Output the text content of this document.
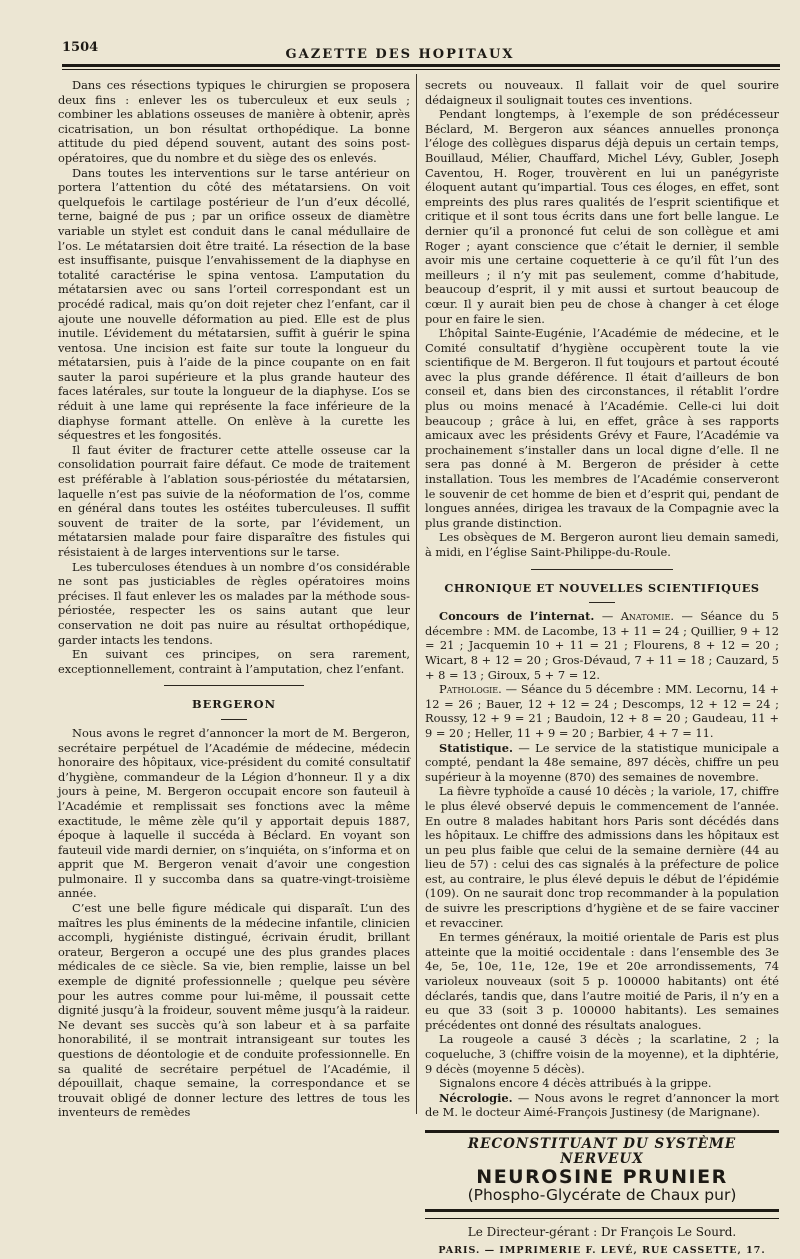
1504	GAZETTE DES HOPITAUX

Dans ces résections typiques le chirurgien se proposera deux fins : enlever les os tuberculeux et eux seuls ; combiner les ablations osseuses de manière à obtenir, après cicatrisation, un bon résultat orthopédique. La bonne attitude du pied dépend souvent, autant des soins post-opératoires, que du nombre et du siège des os enlevés.

Dans toutes les interventions sur le tarse antérieur on portera l’attention du côté des métatarsiens. On voit quelquefois le cartilage postérieur de l’un d’eux décollé, terne, baigné de pus ; par un orifice osseux de diamètre variable un stylet est conduit dans le canal médullaire de l’os. Le métatarsien doit être traité. La résection de la base est insuffisante, puisque l’envahissement de la diaphyse en totalité caractérise le spina ventosa. L’amputation du métatarsien avec ou sans l’orteil correspondant est un procédé radical, mais qu’on doit rejeter chez l’enfant, car il ajoute une nouvelle déformation au pied. Elle est de plus inutile. L’évidement du métatarsien, suffit à guérir le spina ventosa. Une incision est faite sur toute la longueur du métatarsien, puis à l’aide de la pince coupante on en fait sauter la paroi supérieure et la plus grande hauteur des faces latérales, sur toute la longueur de la diaphyse. L’os se réduit à une lame qui représente la face inférieure de la diaphyse formant attelle. On enlève à la curette les séquestres et les fongosités.

Il faut éviter de fracturer cette attelle osseuse car la consolidation pourrait faire défaut. Ce mode de traitement est préférable à l’ablation sous-périostée du métatarsien, laquelle n’est pas suivie de la néoformation de l’os, comme en général dans toutes les ostéites tuberculeuses. Il suffit souvent de traiter de la sorte, par l’évidement, un métatarsien malade pour faire disparaître des fistules qui résistaient à de larges interventions sur le tarse.

Les tuberculoses étendues à un nombre d’os considérable ne sont pas justiciables de règles opératoires moins précises. Il faut enlever les os malades par la méthode sous-périostée, respecter les os sains autant que leur conservation ne doit pas nuire au résultat orthopédique, garder intacts les tendons.

En suivant ces principes, on sera rarement, exceptionnellement, contraint à l’amputation, chez l’enfant.

BERGERON

Nous avons le regret d’annoncer la mort de M. Bergeron, secrétaire perpétuel de l’Académie de médecine, médecin honoraire des hôpitaux, vice-président du comité consultatif d’hygiène, commandeur de la Légion d’honneur. Il y a dix jours à peine, M. Bergeron occupait encore son fauteuil à l’Académie et remplissait ses fonctions avec la même exactitude, le même zèle qu’il y apportait depuis 1887, époque à laquelle il succéda à Béclard. En voyant son fauteuil vide mardi dernier, on s’inquiéta, on s’informa et on apprit que M. Bergeron venait d’avoir une congestion pulmonaire. Il y succomba dans sa quatre-vingt-troisième année.

C’est une belle figure médicale qui disparaît. L’un des maîtres les plus éminents de la médecine infantile, clinicien accompli, hygiéniste distingué, écrivain érudit, brillant orateur, Bergeron a occupé une des plus grandes places médicales de ce siècle. Sa vie, bien remplie, laisse un bel exemple de dignité professionnelle ; quelque peu sévère pour les autres comme pour lui-même, il poussait cette dignité jusqu’à la froideur, souvent même jusqu’à la raideur. Ne devant ses succès qu’à son labeur et à sa parfaite honorabilité, il se montrait intransigeant sur toutes les questions de déontologie et de conduite professionnelle. En sa qualité de secrétaire perpétuel de l’Académie, il dépouillait, chaque semaine, la correspondance et se trouvait obligé de donner lecture des lettres de tous les inventeurs de remèdes

secrets ou nouveaux. Il fallait voir de quel sourire dédaigneux il soulignait toutes ces inventions.

Pendant longtemps, à l’exemple de son prédécesseur Béclard, M. Bergeron aux séances annuelles prononça l’éloge des collègues disparus déjà depuis un certain temps, Bouillaud, Mélier, Chauffard, Michel Lévy, Gubler, Joseph Caventou, H. Roger, trouvèrent en lui un panégyriste éloquent autant qu’impartial. Tous ces éloges, en effet, sont empreints des plus rares qualités de l’esprit scientifique et critique et il sont tous écrits dans une fort belle langue. Le dernier qu’il a prononcé fut celui de son collègue et ami Roger ; ayant conscience que c’était le dernier, il semble avoir mis une certaine coquetterie à ce qu’il fût l’un des meilleurs ; il n’y mit pas seulement, comme d’habitude, beaucoup d’esprit, il y mit aussi et surtout beaucoup de cœur. Il y aurait bien peu de chose à changer à cet éloge pour en faire le sien.

L’hôpital Sainte-Eugénie, l’Académie de médecine, et le Comité consultatif d’hygiène occupèrent toute la vie scientifique de M. Bergeron. Il fut toujours et partout écouté avec la plus grande déférence. Il était d’ailleurs de bon conseil et, dans bien des circonstances, il rétablit l’ordre plus ou moins menacé à l’Académie. Celle-ci lui doit beaucoup ; grâce à lui, en effet, grâce à ses rapports amicaux avec les présidents Grévy et Faure, l’Académie va prochainement s’installer dans un local digne d’elle. Il ne sera pas donné à M. Bergeron de présider à cette installation. Tous les membres de l’Académie conserveront le souvenir de cet homme de bien et d’esprit qui, pendant de longues années, dirigea les travaux de la Compagnie avec la plus grande distinction.

Les obsèques de M. Bergeron auront lieu demain samedi, à midi, en l’église Saint-Philippe-du-Roule.

CHRONIQUE ET NOUVELLES SCIENTIFIQUES

Concours de l’internat. — Anatomie. — Séance du 5 décembre : MM. de Lacombe, 13 + 11 = 24 ; Quillier, 9 + 12 = 21 ; Jacquemin 10 + 11 = 21 ; Flourens, 8 + 12 = 20 ; Wicart, 8 + 12 = 20 ; Gros-Dévaud, 7 + 11 = 18 ; Cauzard, 5 + 8 = 13 ; Giroux, 5 + 7 = 12.

Pathologie. — Séance du 5 décembre : MM. Lecornu, 14 + 12 = 26 ; Bauer, 12 + 12 = 24 ; Descomps, 12 + 12 = 24 ; Roussy, 12 + 9 = 21 ; Baudoin, 12 + 8 = 20 ; Gaudeau, 11 + 9 = 20 ; Heller, 11 + 9 = 20 ; Barbier, 4 + 7 = 11.

Statistique. — Le service de la statistique municipale a compté, pendant la 48e semaine, 897 décès, chiffre un peu supérieur à la moyenne (870) des semaines de novembre.

La fièvre typhoïde a causé 10 décès ; la variole, 17, chiffre le plus élevé observé depuis le commencement de l’année. En outre 8 malades habitant hors Paris sont décédés dans les hôpitaux. Le chiffre des admissions dans les hôpitaux est un peu plus faible que celui de la semaine dernière (44 au lieu de 57) : celui des cas signalés à la préfecture de police est, au contraire, le plus élevé depuis le début de l’épidémie (109). On ne saurait donc trop recommander à la population de suivre les prescriptions d’hygiène et de se faire vacciner et revacciner.

En termes généraux, la moitié orientale de Paris est plus atteinte que la moitié occidentale : dans l’ensemble des 3e 4e, 5e, 10e, 11e, 12e, 19e et 20e arrondissements, 74 varioleux nouveaux (soit 5 p. 100000 habitants) ont été déclarés, tandis que, dans l’autre moitié de Paris, il n’y en a eu que 33 (soit 3 p. 100000 habitants). Les semaines précédentes ont donné des résultats analogues.

La rougeole a causé 3 décès ; la scarlatine, 2 ; la coqueluche, 3 (chiffre voisin de la moyenne), et la diphtérie, 9 décès (moyenne 5 décès).

Signalons encore 4 décès attribués à la grippe.

Nécrologie. — Nous avons le regret d’annoncer la mort de M. le docteur Aimé-François Justinesy (de Marignane).

RECONSTITUANT DU SYSTÈME NERVEUX
NEUROSINE PRUNIER
(Phospho-Glycérate de Chaux pur)
Le Directeur-gérant : Dr François Le Sourd.
PARIS. — IMPRIMERIE F. LEVÉ, RUE CASSETTE, 17.
